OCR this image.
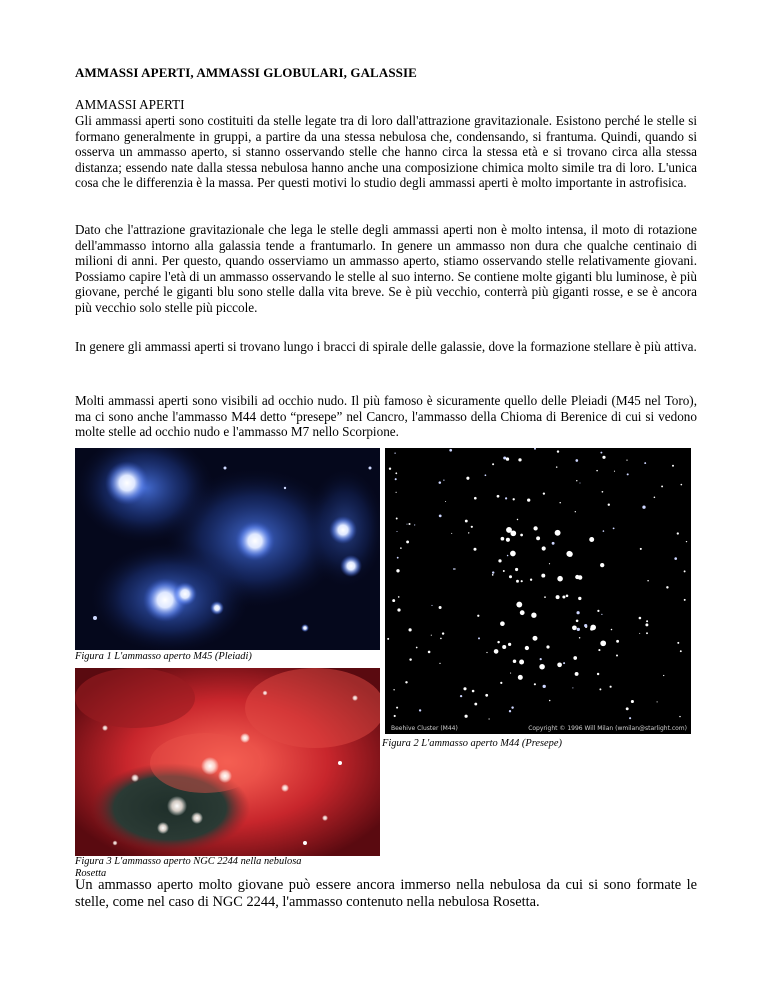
AMMASSI APERTI, AMMASSI GLOBULARI, GALASSIE
AMMASSI APERTI
Gli ammassi aperti sono costituiti da stelle legate tra di loro dall'attrazione gravitazionale. Esistono perché le stelle si formano generalmente in gruppi, a partire da una stessa nebulosa che, condensando, si frantuma. Quindi, quando si osserva un ammasso aperto, si stanno osservando stelle che hanno circa la stessa età e si trovano circa alla stessa distanza; essendo nate dalla stessa nebulosa hanno anche una composizione chimica molto simile tra di loro. L'unica cosa che le differenzia è la massa. Per questi motivi lo studio degli ammassi aperti è molto importante in astrofisica.
Dato che l'attrazione gravitazionale che lega le stelle degli ammassi aperti non è molto intensa, il moto di rotazione dell'ammasso intorno alla galassia tende a frantumarlo. In genere un ammasso non dura che qualche centinaio di milioni di anni. Per questo, quando osserviamo un ammasso aperto, stiamo osservando stelle relativamente giovani. Possiamo capire l'età di un ammasso osservando le stelle al suo interno. Se contiene molte giganti blu luminose, è più giovane, perché le giganti blu sono stelle dalla vita breve. Se è più vecchio, conterrà più giganti rosse, e se è ancora più vecchio solo stelle più piccole.
In genere gli ammassi aperti si trovano lungo i bracci di spirale delle galassie, dove la formazione stellare è più attiva.
Molti ammassi aperti sono visibili ad occhio nudo. Il più famoso è sicuramente quello delle Pleiadi (M45 nel Toro), ma ci sono anche l'ammasso M44 detto “presepe” nel Cancro, l'ammasso della Chioma di Berenice di cui si vedono molte stelle ad occhio nudo e l'ammasso M7 nello Scorpione.
Un ammasso aperto molto giovane può essere ancora immerso nella nebulosa da cui si sono formate le stelle, come nel caso di NGC 2244, l'ammasso contenuto nella nebulosa Rosetta.
Figura 1 L'ammasso aperto M45 (Pleiadi)
Beehive Cluster (M44)	Copyright © 1996 Will Milan (wmilan@starlight.com)
Figura 2 L'ammasso aperto M44 (Presepe)
Figura 3 L'ammasso aperto NGC 2244 nella nebulosa
Rosetta
